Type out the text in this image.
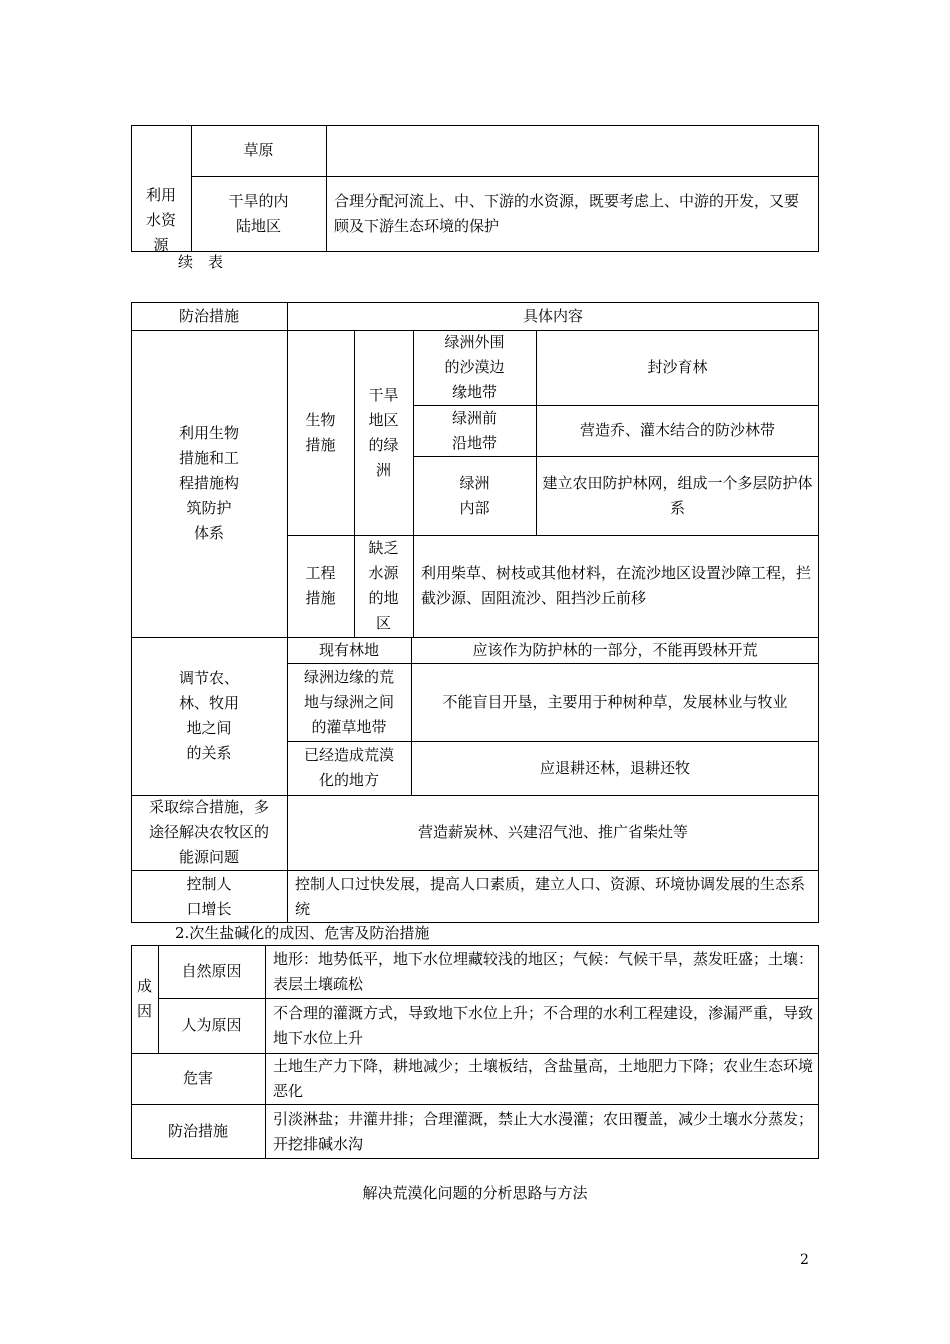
利用
水资
源
草原
干旱的内
陆地区
合理分配河流上、中、下游的水资源，既要考虑上、中游的开发，又要顾及下游生态环境的保护
续　表
防治措施	具体内容
利用生物
措施和工
程措施构
筑防护
体系
生物
措施
干旱
地区
的绿
洲
绿洲外围
的沙漠边
缘地带
封沙育林
绿洲前
沿地带
营造乔、灌木结合的防沙林带
绿洲
内部
建立农田防护林网，组成一个多层防护体系
工程
措施
缺乏
水源
的地
区
利用柴草、树枝或其他材料，在流沙地区设置沙障工程，拦截沙源、固阻流沙、阻挡沙丘前移
调节农、
林、牧用
地之间
的关系
现有林地	应该作为防护林的一部分，不能再毁林开荒
绿洲边缘的荒
地与绿洲之间
的灌草地带
不能盲目开垦，主要用于种树种草，发展林业与牧业
已经造成荒漠
化的地方
应退耕还林，退耕还牧
采取综合措施，多
途径解决农牧区的
能源问题
营造薪炭林、兴建沼气池、推广省柴灶等
控制人
口增长
控制人口过快发展，提高人口素质，建立人口、资源、环境协调发展的生态系统
2.次生盐碱化的成因、危害及防治措施
成
因
自然原因
地形：地势低平，地下水位埋藏较浅的地区；气候：气候干旱，蒸发旺盛；土壤：表层土壤疏松
人为原因
不合理的灌溉方式，导致地下水位上升；不合理的水利工程建设，渗漏严重，导致地下水位上升
危害
土地生产力下降，耕地减少；土壤板结，含盐量高，土地肥力下降；农业生态环境恶化
防治措施
引淡淋盐；井灌井排；合理灌溉，禁止大水漫灌；农田覆盖，减少土壤水分蒸发；开挖排碱水沟
解决荒漠化问题的分析思路与方法
2
